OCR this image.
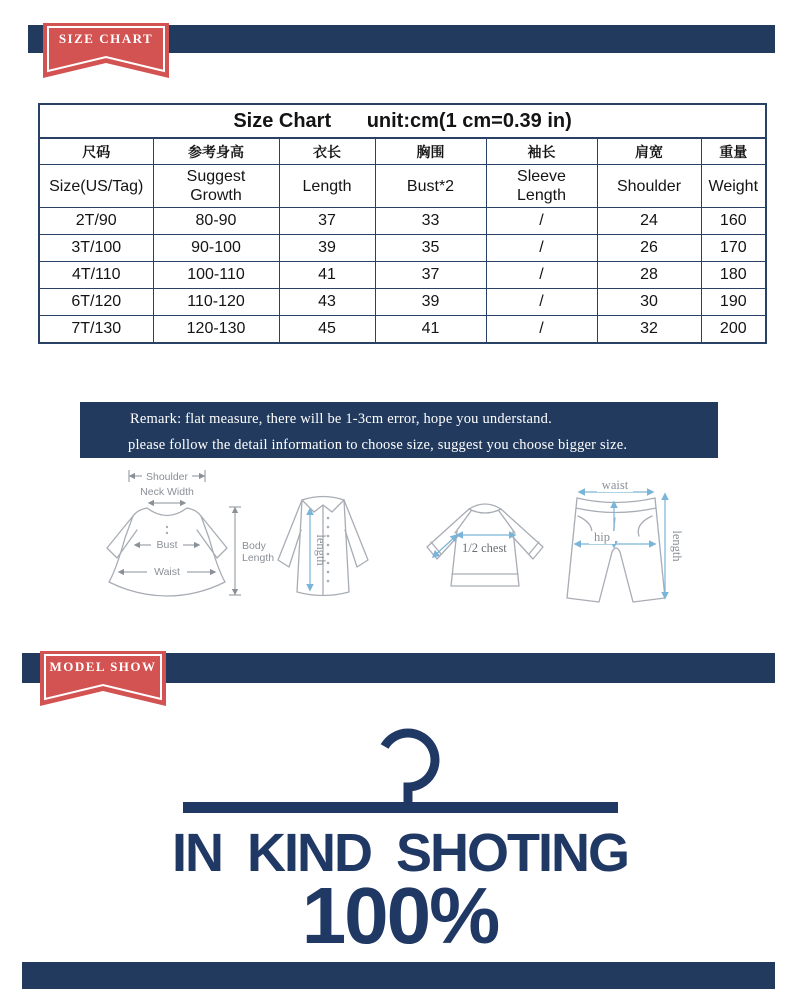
SIZE CHART
Size Chart unit:cm(1 cm=0.39 in)						
尺码	参考身高	衣长	胸围	袖长	肩宽	重量
Size(US/Tag)	Suggest Growth	Length	Bust*2	Sleeve Length	Shoulder	Weight
2T/90	80-90	37	33	/	24	160
3T/100	90-100	39	35	/	26	170
4T/110	100-110	41	37	/	28	180
6T/120	110-120	43	39	/	30	190
7T/130	120-130	45	41	/	32	200
Remark: flat measure, there will be 1-3cm error, hope you understand.
please follow the detail information to choose size, suggest you choose bigger size.
Shoulder
Neck Width
Bust
Waist
Body
Length	length	1/2 chest
waist
hip	length
MODEL SHOW
IN KIND SHOTING
100%
